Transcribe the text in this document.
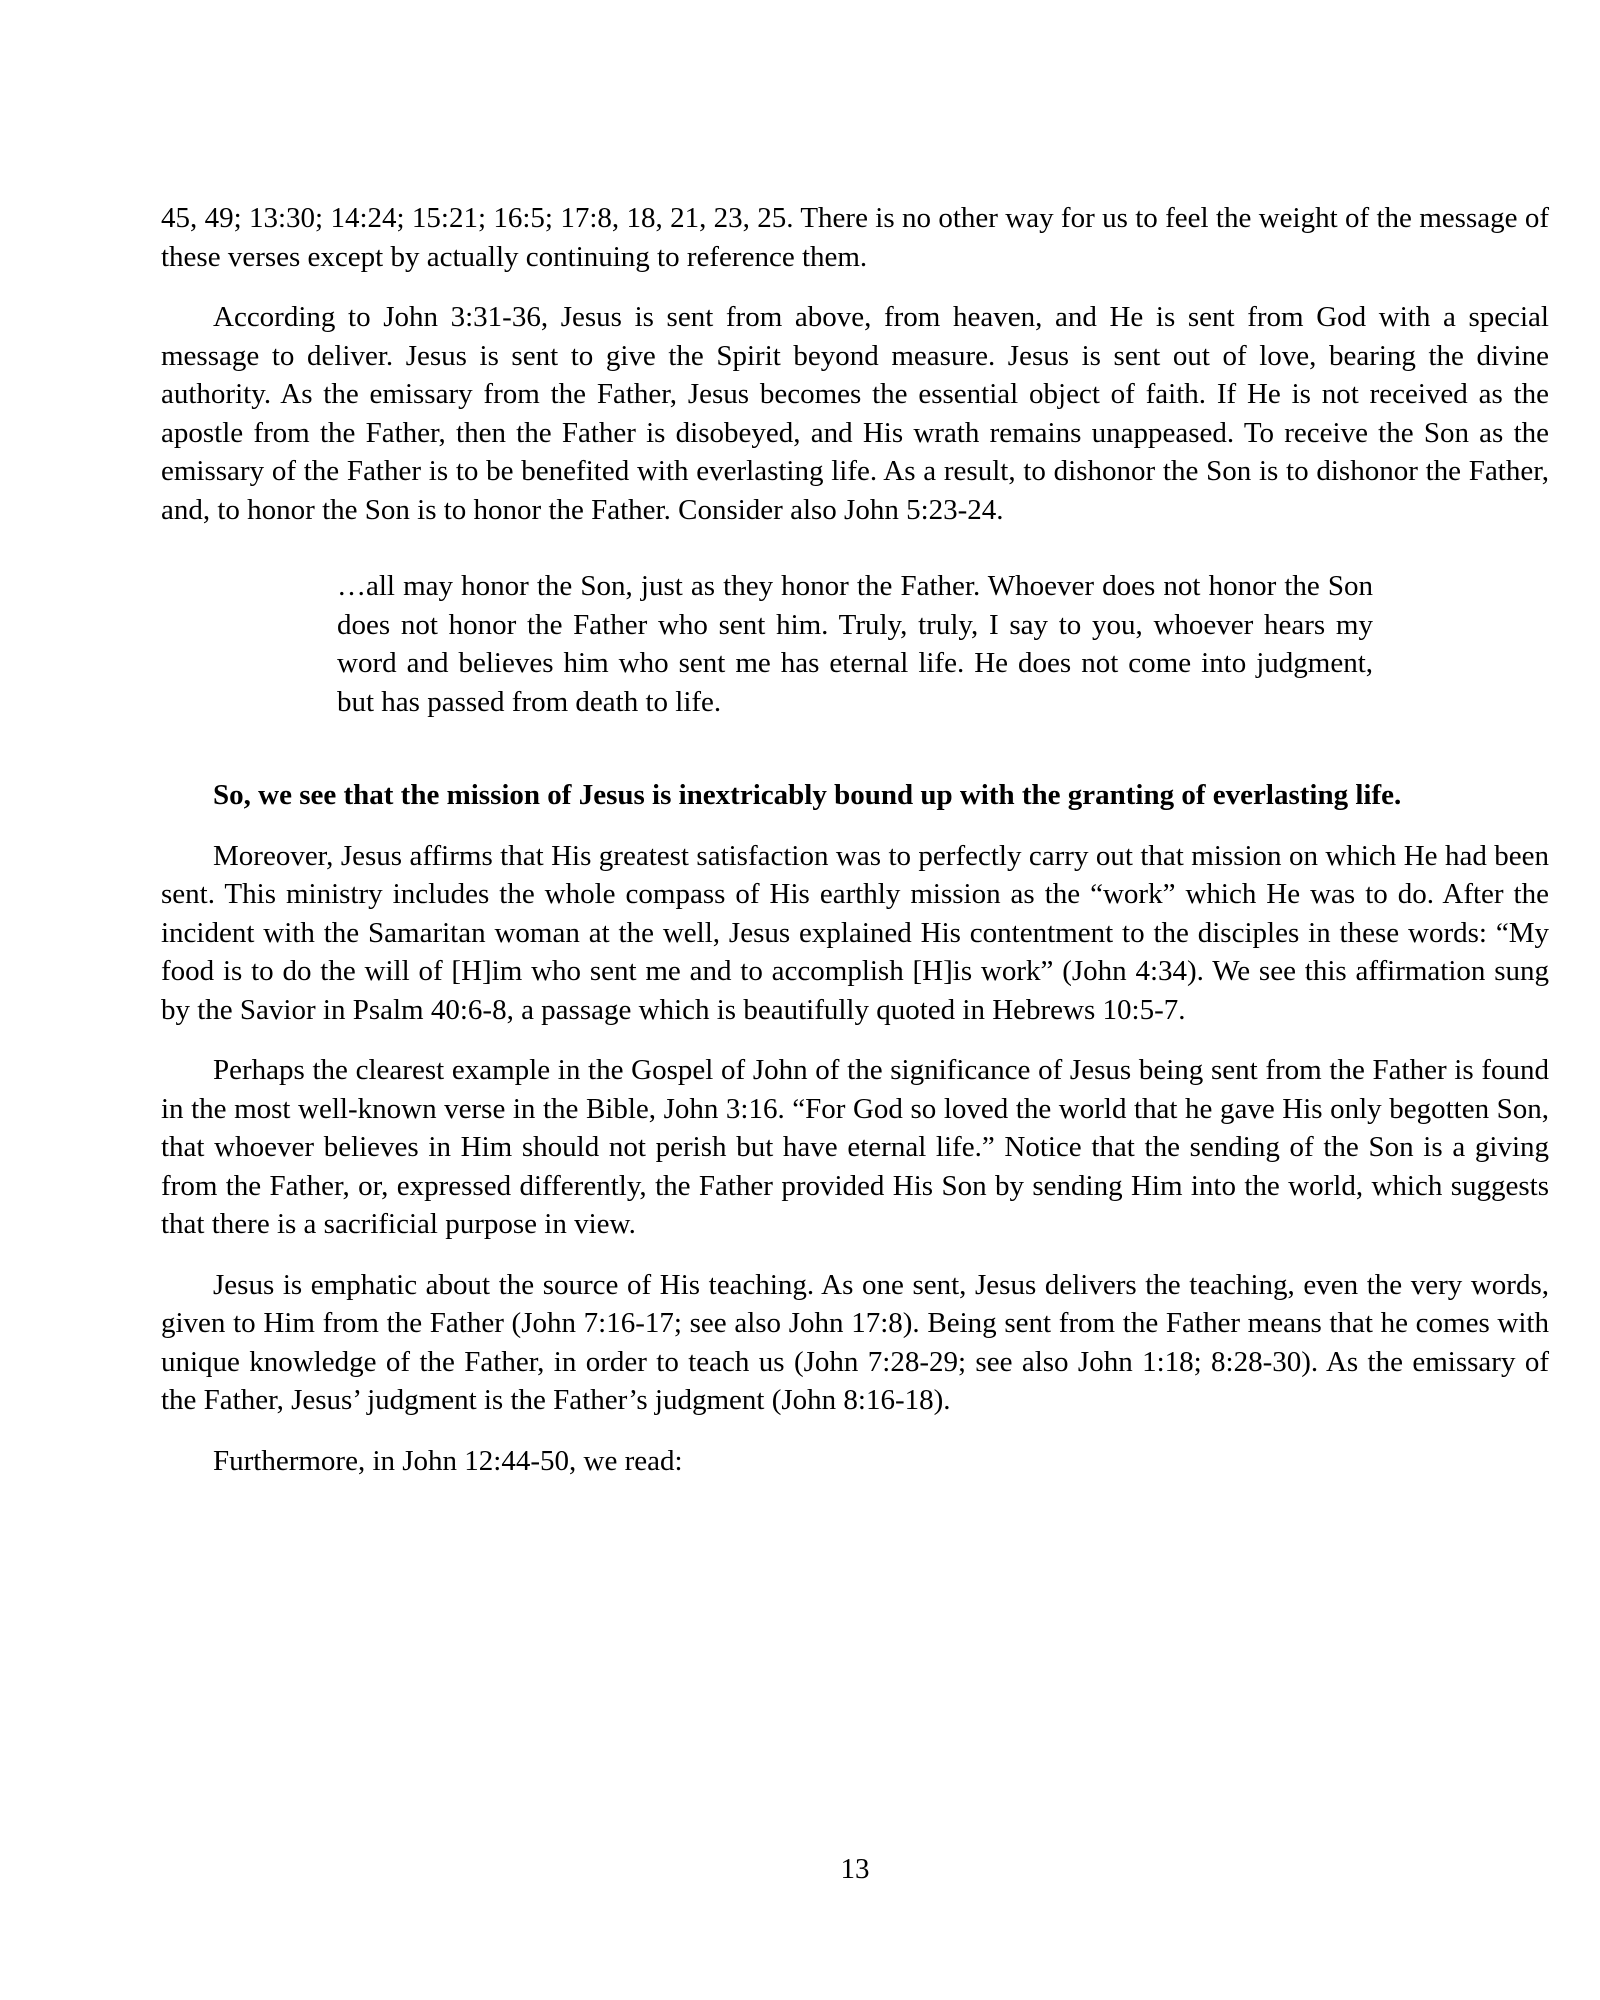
45, 49; 13:30; 14:24; 15:21; 16:5; 17:8, 18, 21, 23, 25. There is no other way for us to feel the weight of the message of these verses except by actually continuing to reference them.

According to John 3:31-36, Jesus is sent from above, from heaven, and He is sent from God with a special message to deliver. Jesus is sent to give the Spirit beyond measure. Jesus is sent out of love, bearing the divine authority. As the emissary from the Father, Jesus becomes the essential object of faith. If He is not received as the apostle from the Father, then the Father is disobeyed, and His wrath remains unappeased. To receive the Son as the emissary of the Father is to be benefited with everlasting life. As a result, to dishonor the Son is to dishonor the Father, and, to honor the Son is to honor the Father. Consider also John 5:23-24.

…all may honor the Son, just as they honor the Father. Whoever does not honor the Son does not honor the Father who sent him. Truly, truly, I say to you, whoever hears my word and believes him who sent me has eternal life. He does not come into judgment, but has passed from death to life.

So, we see that the mission of Jesus is inextricably bound up with the granting of everlasting life.

Moreover, Jesus affirms that His greatest satisfaction was to perfectly carry out that mission on which He had been sent. This ministry includes the whole compass of His earthly mission as the “work” which He was to do. After the incident with the Samaritan woman at the well, Jesus explained His contentment to the disciples in these words: “My food is to do the will of [H]im who sent me and to accomplish [H]is work” (John 4:34). We see this affirmation sung by the Savior in Psalm 40:6-8, a passage which is beautifully quoted in Hebrews 10:5-7.

Perhaps the clearest example in the Gospel of John of the significance of Jesus being sent from the Father is found in the most well-known verse in the Bible, John 3:16. “For God so loved the world that he gave His only begotten Son, that whoever believes in Him should not perish but have eternal life.” Notice that the sending of the Son is a giving from the Father, or, expressed differently, the Father provided His Son by sending Him into the world, which suggests that there is a sacrificial purpose in view.

Jesus is emphatic about the source of His teaching. As one sent, Jesus delivers the teaching, even the very words, given to Him from the Father (John 7:16-17; see also John 17:8). Being sent from the Father means that he comes with unique knowledge of the Father, in order to teach us (John 7:28-29; see also John 1:18; 8:28-30). As the emissary of the Father, Jesus’ judgment is the Father’s judgment (John 8:16-18).

Furthermore, in John 12:44-50, we read:

13
